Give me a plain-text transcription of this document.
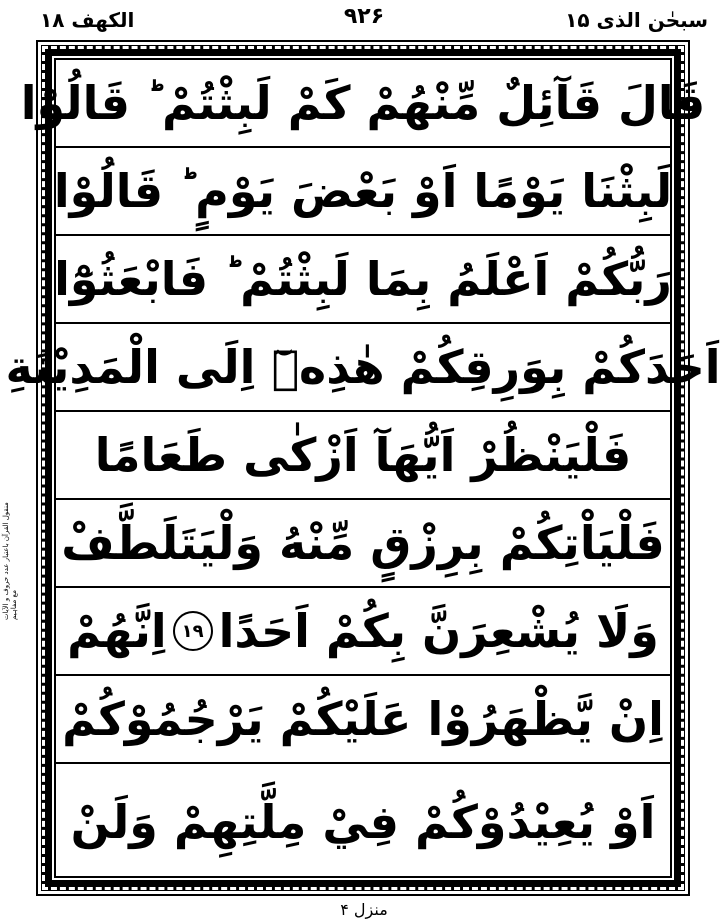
الکھف ۱۸	۹۲۶	سبحٰن الذی ۱۵
منقول القرآن باعتبار عدد حروف و الآیات مع مفاہیم
قَالَ قَآئِلٌ مِّنْهُمْ كَمْ لَبِثْتُمْ ؕ قَالُوْا
لَبِثْنَا يَوْمًا اَوْ بَعْضَ يَوْمٍ ؕ قَالُوْا
رَبُّكُمْ اَعْلَمُ بِمَا لَبِثْتُمْ ؕ فَابْعَثُوْٓا
اَحَدَكُمْ بِوَرِقِكُمْ هٰذِهٖٓ اِلَى الْمَدِيْنَةِ
فَلْيَنْظُرْ اَيُّهَآ اَزْكٰى طَعَامًا
فَلْيَاْتِكُمْ بِرِزْقٍ مِّنْهُ وَلْيَتَلَطَّفْ
وَلَا يُشْعِرَنَّ بِكُمْ اَحَدًا
۱۹
اِنَّهُمْ
اِنْ يَّظْهَرُوْا عَلَيْكُمْ يَرْجُمُوْكُمْ
اَوْ يُعِيْدُوْكُمْ فِيْ مِلَّتِهِمْ وَلَنْ
منزل ۴
